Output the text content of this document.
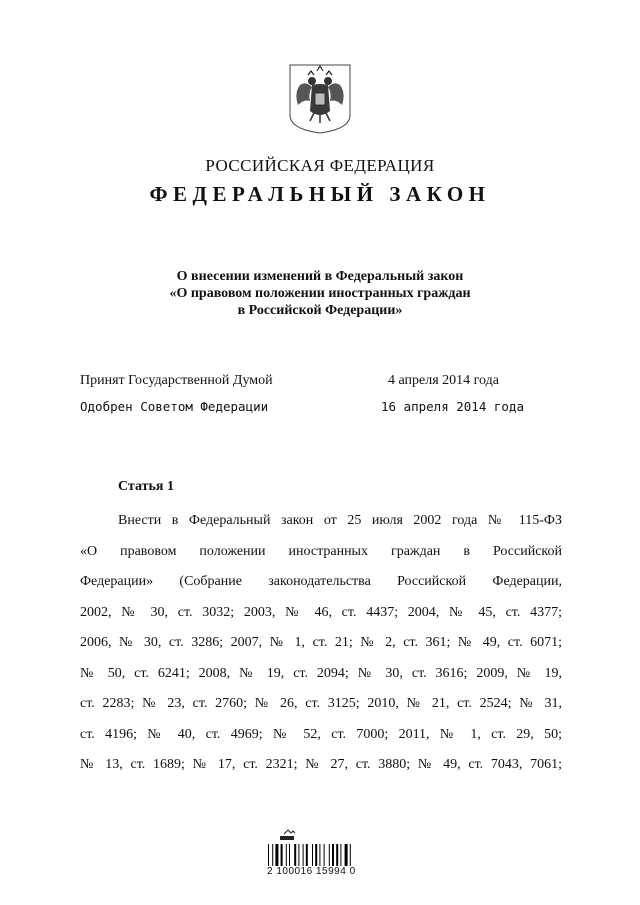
РОССИЙСКАЯ ФЕДЕРАЦИЯ
ФЕДЕРАЛЬНЫЙ ЗАКОН
О внесении изменений в Федеральный закон
«О правовом положении иностранных граждан
в Российской Федерации»
Принят Государственной Думой	4 апреля 2014 года
Одобрен Советом Федерации	16 апреля 2014 года
Статья 1
Внести в Федеральный закон от 25 июля 2002 года № 115-ФЗ
«О правовом положении иностранных граждан в Российской
Федерации» (Собрание законодательства Российской Федерации,
2002, № 30, ст. 3032; 2003, № 46, ст. 4437; 2004, № 45, ст. 4377;
2006, № 30, ст. 3286; 2007, № 1, ст. 21; № 2, ст. 361; № 49, ст. 6071;
№ 50, ст. 6241; 2008, № 19, ст. 2094; № 30, ст. 3616; 2009, № 19,
ст. 2283; № 23, ст. 2760; № 26, ст. 3125; 2010, № 21, ст. 2524; № 31,
ст. 4196; № 40, ст. 4969; № 52, ст. 7000; 2011, № 1, ст. 29, 50;
№ 13, ст. 1689; № 17, ст. 2321; № 27, ст. 3880; № 49, ст. 7043, 7061;
2 100016 15994 0
